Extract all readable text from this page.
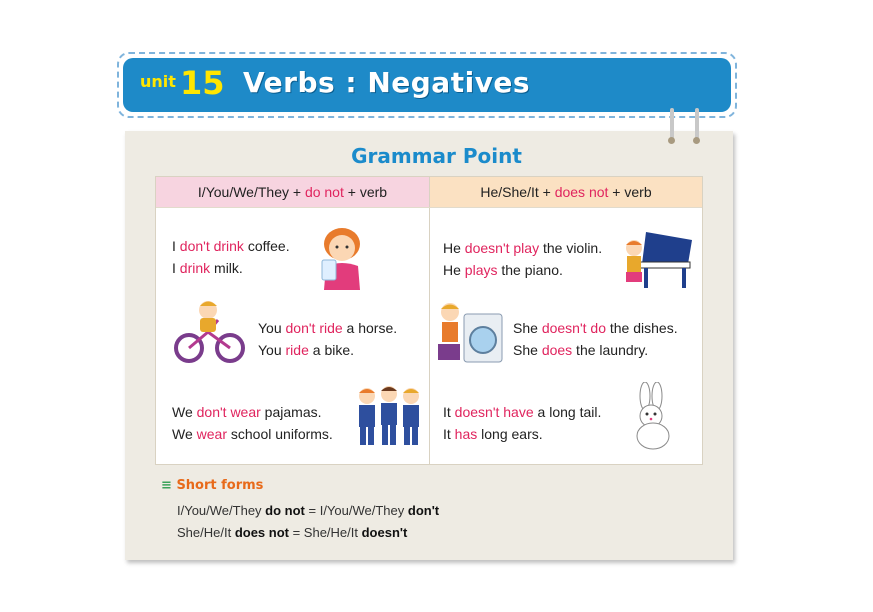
unit 15 Verbs : Negatives
Grammar Point
I/You/We/They + do not + verb	He/She/It + does not + verb
I don't drink coffee.
I drink milk.
You don't ride a horse.
You ride a bike.
We don't wear pajamas.
We wear school uniforms.
He doesn't play the violin.
He plays the piano.
She doesn't do the dishes.
She does the laundry.
It doesn't have a long tail.
It has long ears.
≡ Short forms
I/You/We/They do not = I/You/We/They don't
She/He/It does not = She/He/It doesn't
